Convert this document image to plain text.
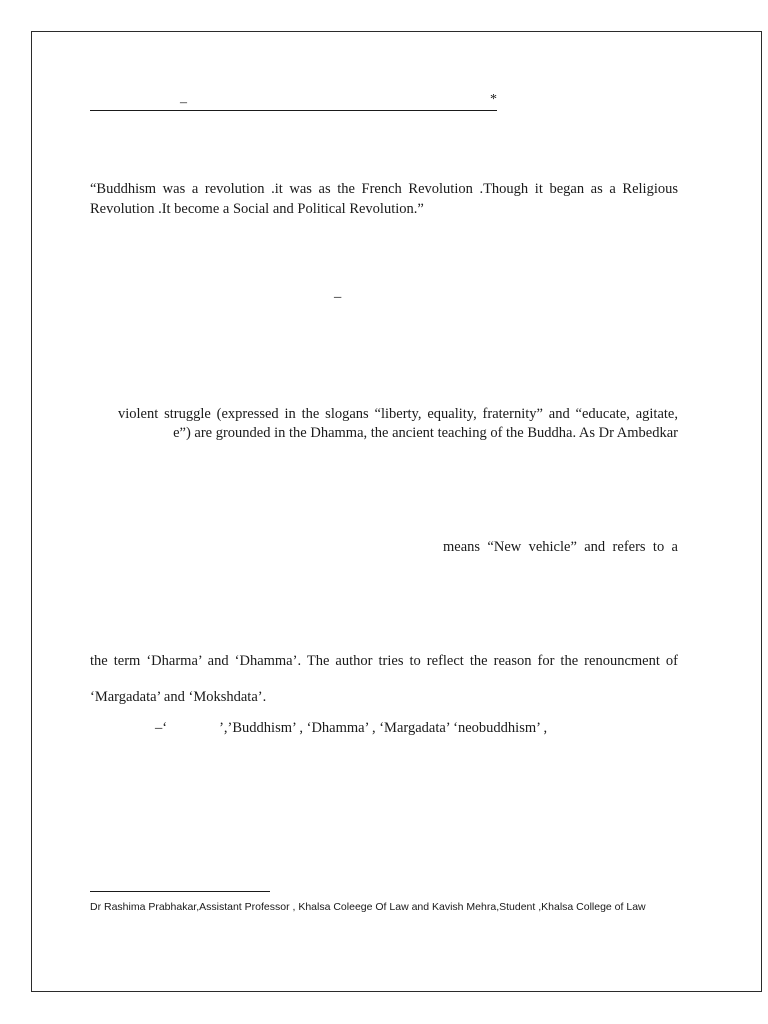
–	*
“Buddhism was a revolution .it was as the French Revolution .Though it began as a Religious
Revolution .It become a Social and Political Revolution.”
–
violent struggle (expressed in the slogans “liberty, equality, fraternity” and “educate, agitate,
e”) are grounded in the Dhamma, the ancient teaching of the Buddha. As Dr Ambedkar
means “New vehicle” and refers to a
the term ‘Dharma’ and ‘Dhamma’. The author tries to reflect the reason for the renouncment of
‘Margadata’ and ‘Mokshdata’.
–‘	’,’Buddhism’ , ‘Dhamma’ , ‘Margadata’ ‘neobuddhism’ ,
Dr Rashima Prabhakar,Assistant Professor , Khalsa Coleege Of Law and Kavish Mehra,Student ,Khalsa College of Law
